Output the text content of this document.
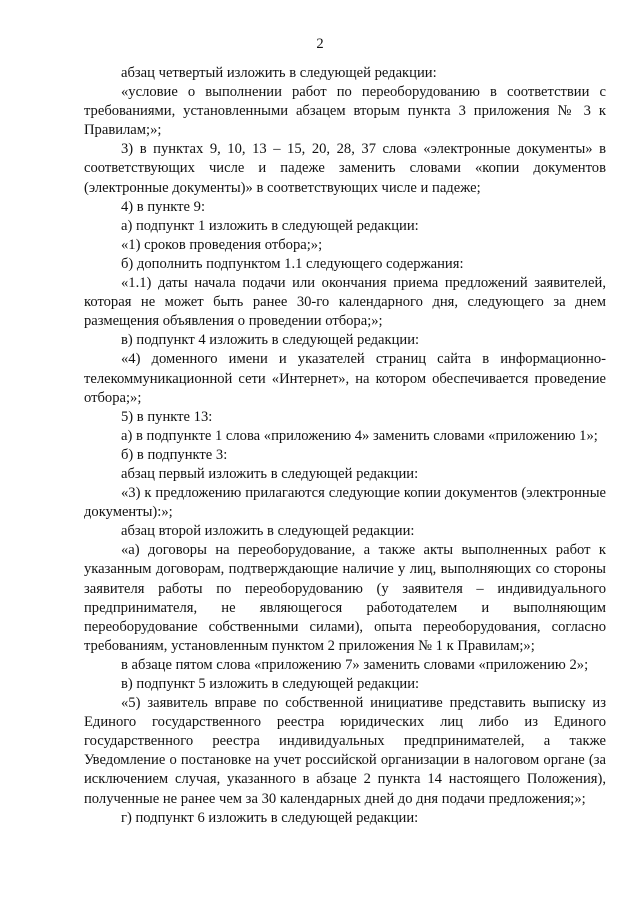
2

абзац четвертый изложить в следующей редакции:

«условие о выполнении работ по переоборудованию в соответствии с требованиями, установленными абзацем вторым пункта 3 приложения № 3 к Правилам;»;

3) в пунктах 9, 10, 13 – 15, 20, 28, 37 слова «электронные документы» в соответствующих числе и падеже заменить словами «копии документов (электронные документы)» в соответствующих числе и падеже;

4) в пункте 9:

а) подпункт 1 изложить в следующей редакции:

«1) сроков проведения отбора;»;

б) дополнить подпунктом 1.1 следующего содержания:

«1.1) даты начала подачи или окончания приема предложений заявителей, которая не может быть ранее 30-го календарного дня, следующего за днем размещения объявления о проведении отбора;»;

в) подпункт 4 изложить в следующей редакции:

«4) доменного имени и указателей страниц сайта в информационно-телекоммуникационной сети «Интернет», на котором обеспечивается проведение отбора;»;

5) в пункте 13:

а) в подпункте 1 слова «приложению 4» заменить словами «приложению 1»;

б) в подпункте 3:

абзац первый изложить в следующей редакции:

«3) к предложению прилагаются следующие копии документов (электронные документы):»;

абзац второй изложить в следующей редакции:

«а) договоры на переоборудование, а также акты выполненных работ к указанным договорам, подтверждающие наличие у лиц, выполняющих со стороны заявителя работы по переоборудованию (у заявителя – индивидуального предпринимателя, не являющегося работодателем и выполняющим переоборудование собственными силами), опыта переоборудования, согласно требованиям, установленным пунктом 2 приложения № 1 к Правилам;»;

в абзаце пятом слова «приложению 7» заменить словами «приложению 2»;

в) подпункт 5 изложить в следующей редакции:

«5) заявитель вправе по собственной инициативе представить выписку из Единого государственного реестра юридических лиц либо из Единого государственного реестра индивидуальных предпринимателей, а также Уведомление о постановке на учет российской организации в налоговом органе (за исключением случая, указанного в абзаце 2 пункта 14 настоящего Положения), полученные не ранее чем за 30 календарных дней до дня подачи предложения;»;

г) подпункт 6 изложить в следующей редакции:
